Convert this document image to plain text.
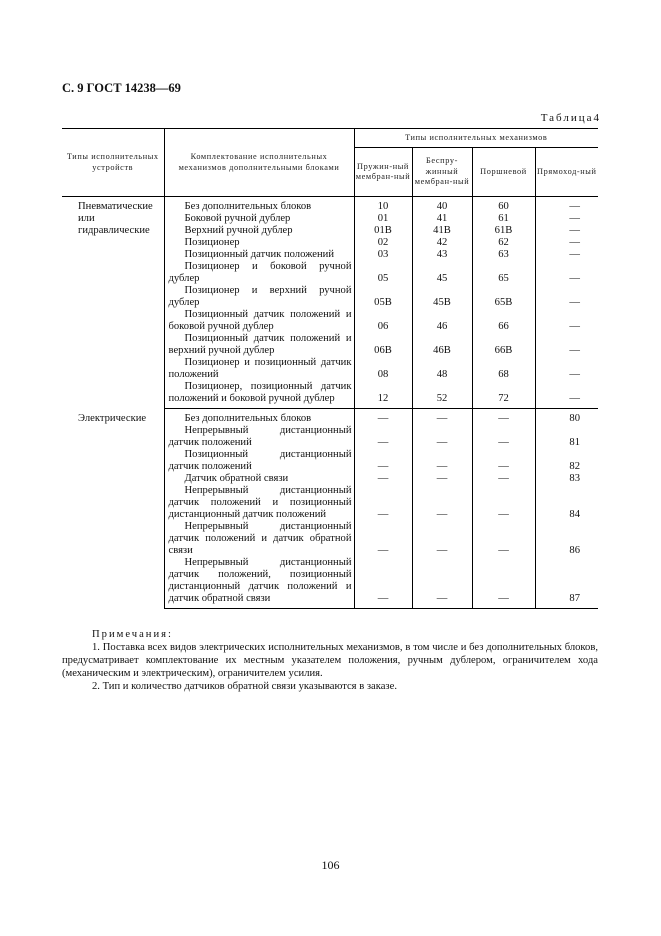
С. 9 ГОСТ 14238—69
Таблица4
Типы исполнительных устройств	Комплектование исполнительных механизмов дополнительными блоками	Типы исполнительных механизмов			
		Пружин-ный мембран-ный	Беспру-жинный мембран-ный	Поршневой	Прямоход-ный
Пневматические или гидравлические	Без дополнительных блоков	10	40	60	—
	Боковой ручной дублер	01	41	61	—
	Верхний ручной дублер	01В	41В	61В	—
	Позиционер	02	42	62	—
	Позиционный датчик положений	03	43	63	—
	Позиционер и боковой ручной дублер	05	45	65	—
	Позиционер и верхний ручной дублер	05В	45В	65В	—
	Позиционный датчик положений и боковой ручной дублер	06	46	66	—
	Позиционный датчик положений и верхний ручной дублер	06В	46В	66В	—
	Позиционер и позиционный датчик положений	08	48	68	—
	Позиционер, позиционный датчик положений и боковой ручной дублер	12	52	72	—
Электрические	Без дополнительных блоков	—	—	—	80
	Непрерывный дистанционный датчик положений	—	—	—	81
	Позиционный дистанционный датчик положений	—	—	—	82
	Датчик обратной связи	—	—	—	83
	Непрерывный дистанционный датчик положений и позиционный дистанционный датчик положений	—	—	—	84
	Непрерывный дистанционный датчик положений и датчик обратной связи	—	—	—	86
	Непрерывный дистанционный датчик положений, позиционный дистанционный датчик положений и датчик обратной связи	—	—	—	87
Примечания:

1. Поставка всех видов электрических исполнительных механизмов, в том числе и без дополнительных блоков, предусматривает комплектование их местным указателем положения, ручным дублером, ограничителем хода (механическим и электрическим), ограничителем усилия.

2. Тип и количество датчиков обратной связи указываются в заказе.

106
